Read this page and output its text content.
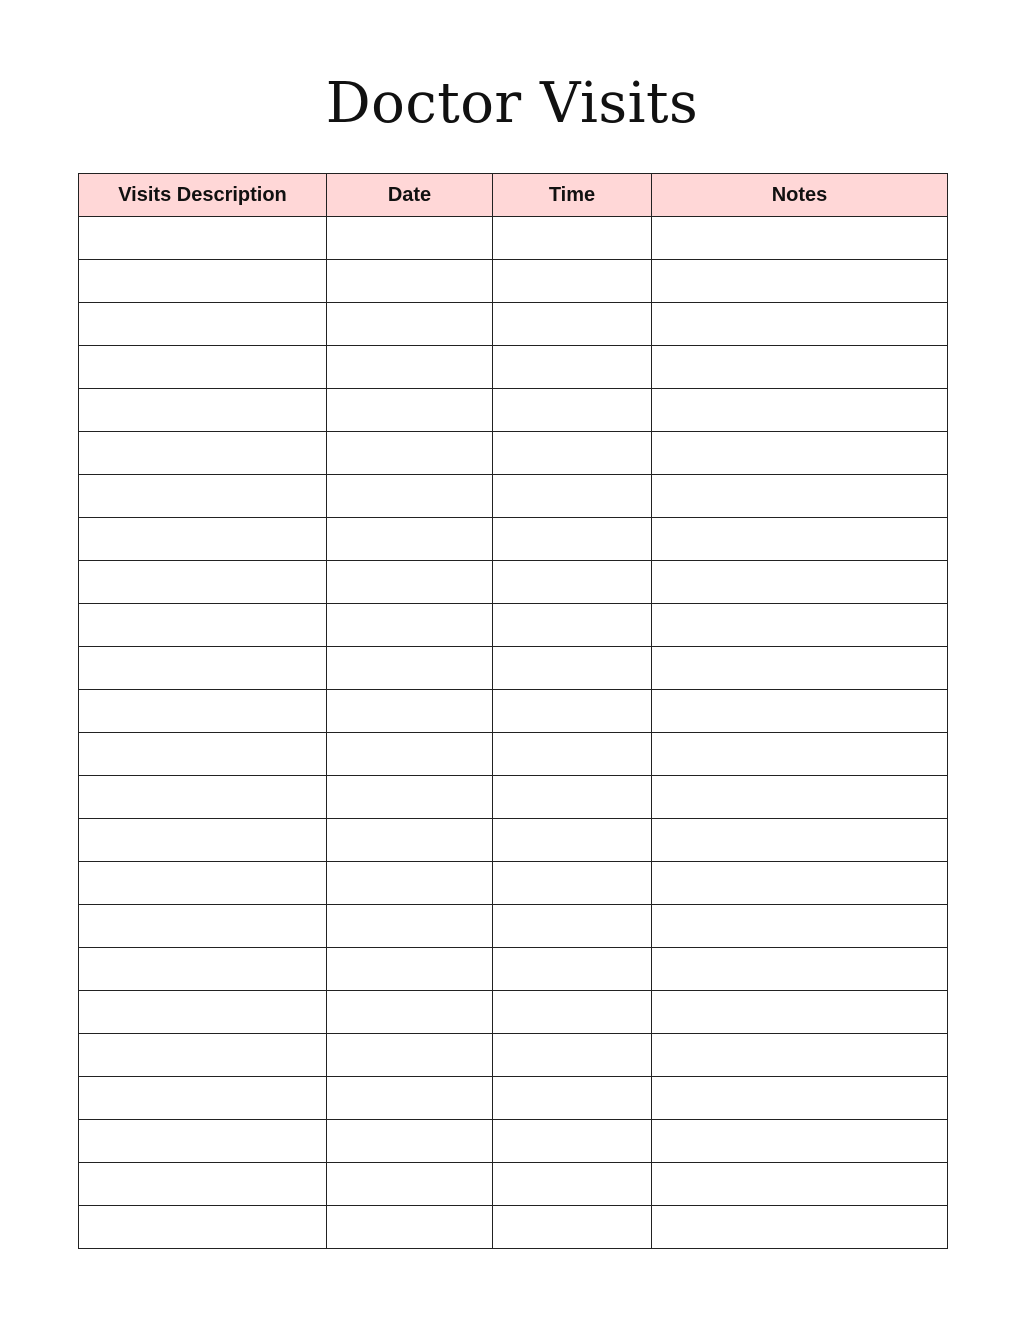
Doctor Visits
Visits Description	Date	Time	Notes
